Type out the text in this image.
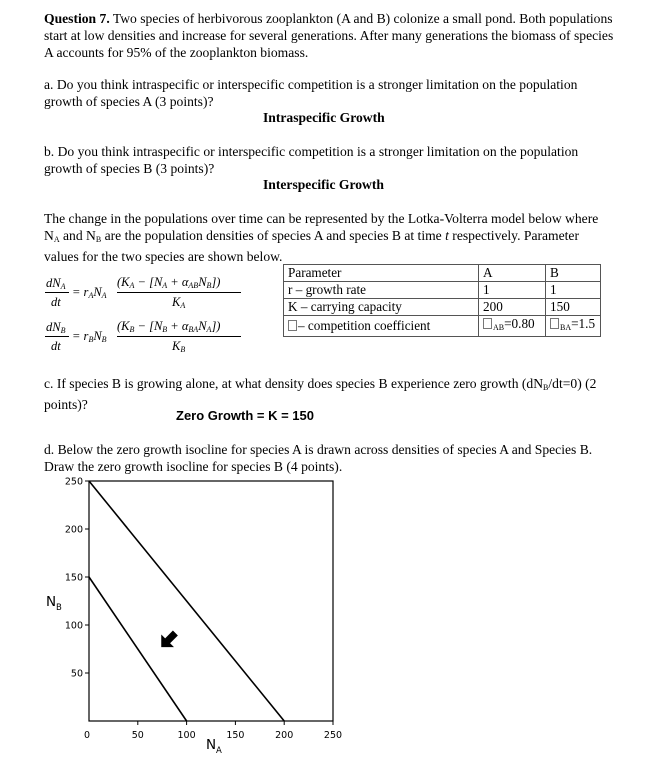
Question 7. Two species of herbivorous zooplankton (A and B) colonize a small pond. Both populations start at low densities and increase for several generations. After many generations the biomass of species A accounts for 95% of the zooplankton biomass.

a. Do you think intraspecific or interspecific competition is a stronger limitation on the population growth of species A (3 points)?

Intraspecific Growth

b. Do you think intraspecific or interspecific competition is a stronger limitation on the population growth of species B (3 points)?

Interspecific Growth

The change in the populations over time can be represented by the Lotka-Volterra model below where $N_A$ and $N_B$ are the population densities of species A and species B at time t respectively. Parameter values for the two species are shown below.

$dN_A$
dt
= $r_AN_A$
$(K_A - [N_A + \alpha_{AB}N_B])$
$K_A$
$dN_B$
dt
= $r_BN_B$
$(K_B - [N_B + \alpha_{BA}N_A])$
$K_B$
Parameter	A	B
r – growth rate	1	1
K – carrying capacity	200	150
– competition coefficient	$_{AB}$=0.80	$_{BA}$=1.5

c. If species B is growing alone, at what density does species B experience zero growth $(dN_B/dt=0)$ (2 points)?

Zero Growth = K = 150

d. Below the zero growth isocline for species A is drawn across densities of species A and Species B. Draw the zero growth isocline for species B (4 points).

50
100
150
200
250
0	50	100	150	200	250
N B
N A
